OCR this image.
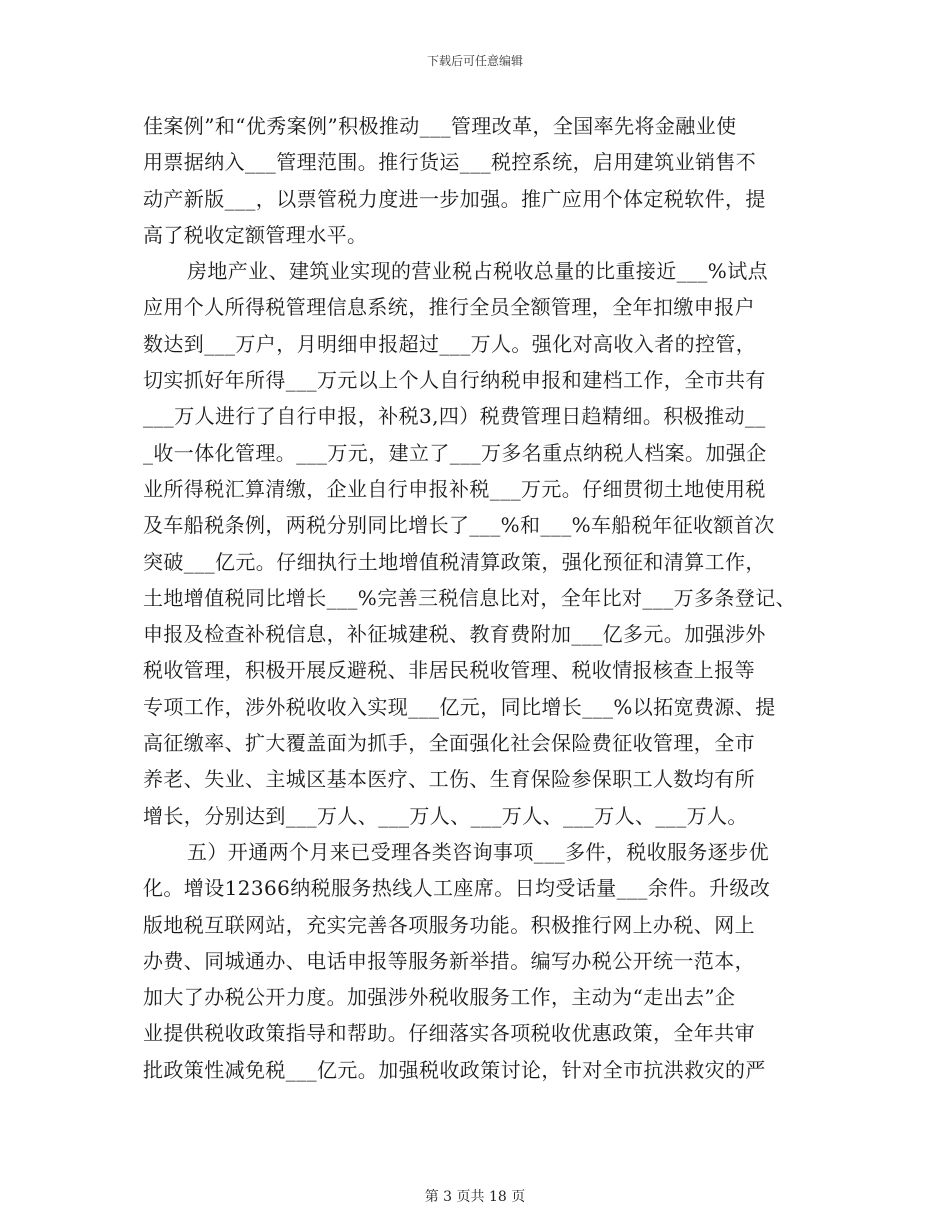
下载后可任意编辑
佳案例”和“优秀案例”积极推动___管理改革，全国率先将金融业使
用票据纳入___管理范围。推行货运___税控系统，启用建筑业销售不
动产新版___，以票管税力度进一步加强。推广应用个体定税软件，提
高了税收定额管理水平。
房地产业、建筑业实现的营业税占税收总量的比重接近___%试点
应用个人所得税管理信息系统，推行全员全额管理，全年扣缴申报户
数达到___万户，月明细申报超过___万人。强化对高收入者的控管，
切实抓好年所得___万元以上个人自行纳税申报和建档工作，全市共有
___万人进行了自行申报，补税3,四）税费管理日趋精细。积极推动__
_收一体化管理。___万元，建立了___万多名重点纳税人档案。加强企
业所得税汇算清缴，企业自行申报补税___万元。仔细贯彻土地使用税
及车船税条例，两税分别同比增长了___%和___%车船税年征收额首次
突破___亿元。仔细执行土地增值税清算政策，强化预征和清算工作，
土地增值税同比增长___%完善三税信息比对，全年比对___万多条登记、
申报及检查补税信息，补征城建税、教育费附加___亿多元。加强涉外
税收管理，积极开展反避税、非居民税收管理、税收情报核查上报等
专项工作，涉外税收收入实现___亿元，同比增长___%以拓宽费源、提
高征缴率、扩大覆盖面为抓手，全面强化社会保险费征收管理，全市
养老、失业、主城区基本医疗、工伤、生育保险参保职工人数均有所
增长，分别达到___万人、___万人、___万人、___万人、___万人。
五）开通两个月来已受理各类咨询事项___多件，税收服务逐步优
化。增设12366纳税服务热线人工座席。日均受话量___余件。升级改
版地税互联网站，充实完善各项服务功能。积极推行网上办税、网上
办费、同城通办、电话申报等服务新举措。编写办税公开统一范本，
加大了办税公开力度。加强涉外税收服务工作，主动为“走出去”企
业提供税收政策指导和帮助。仔细落实各项税收优惠政策，全年共审
批政策性减免税___亿元。加强税收政策讨论，针对全市抗洪救灾的严
第 3 页共 18 页
